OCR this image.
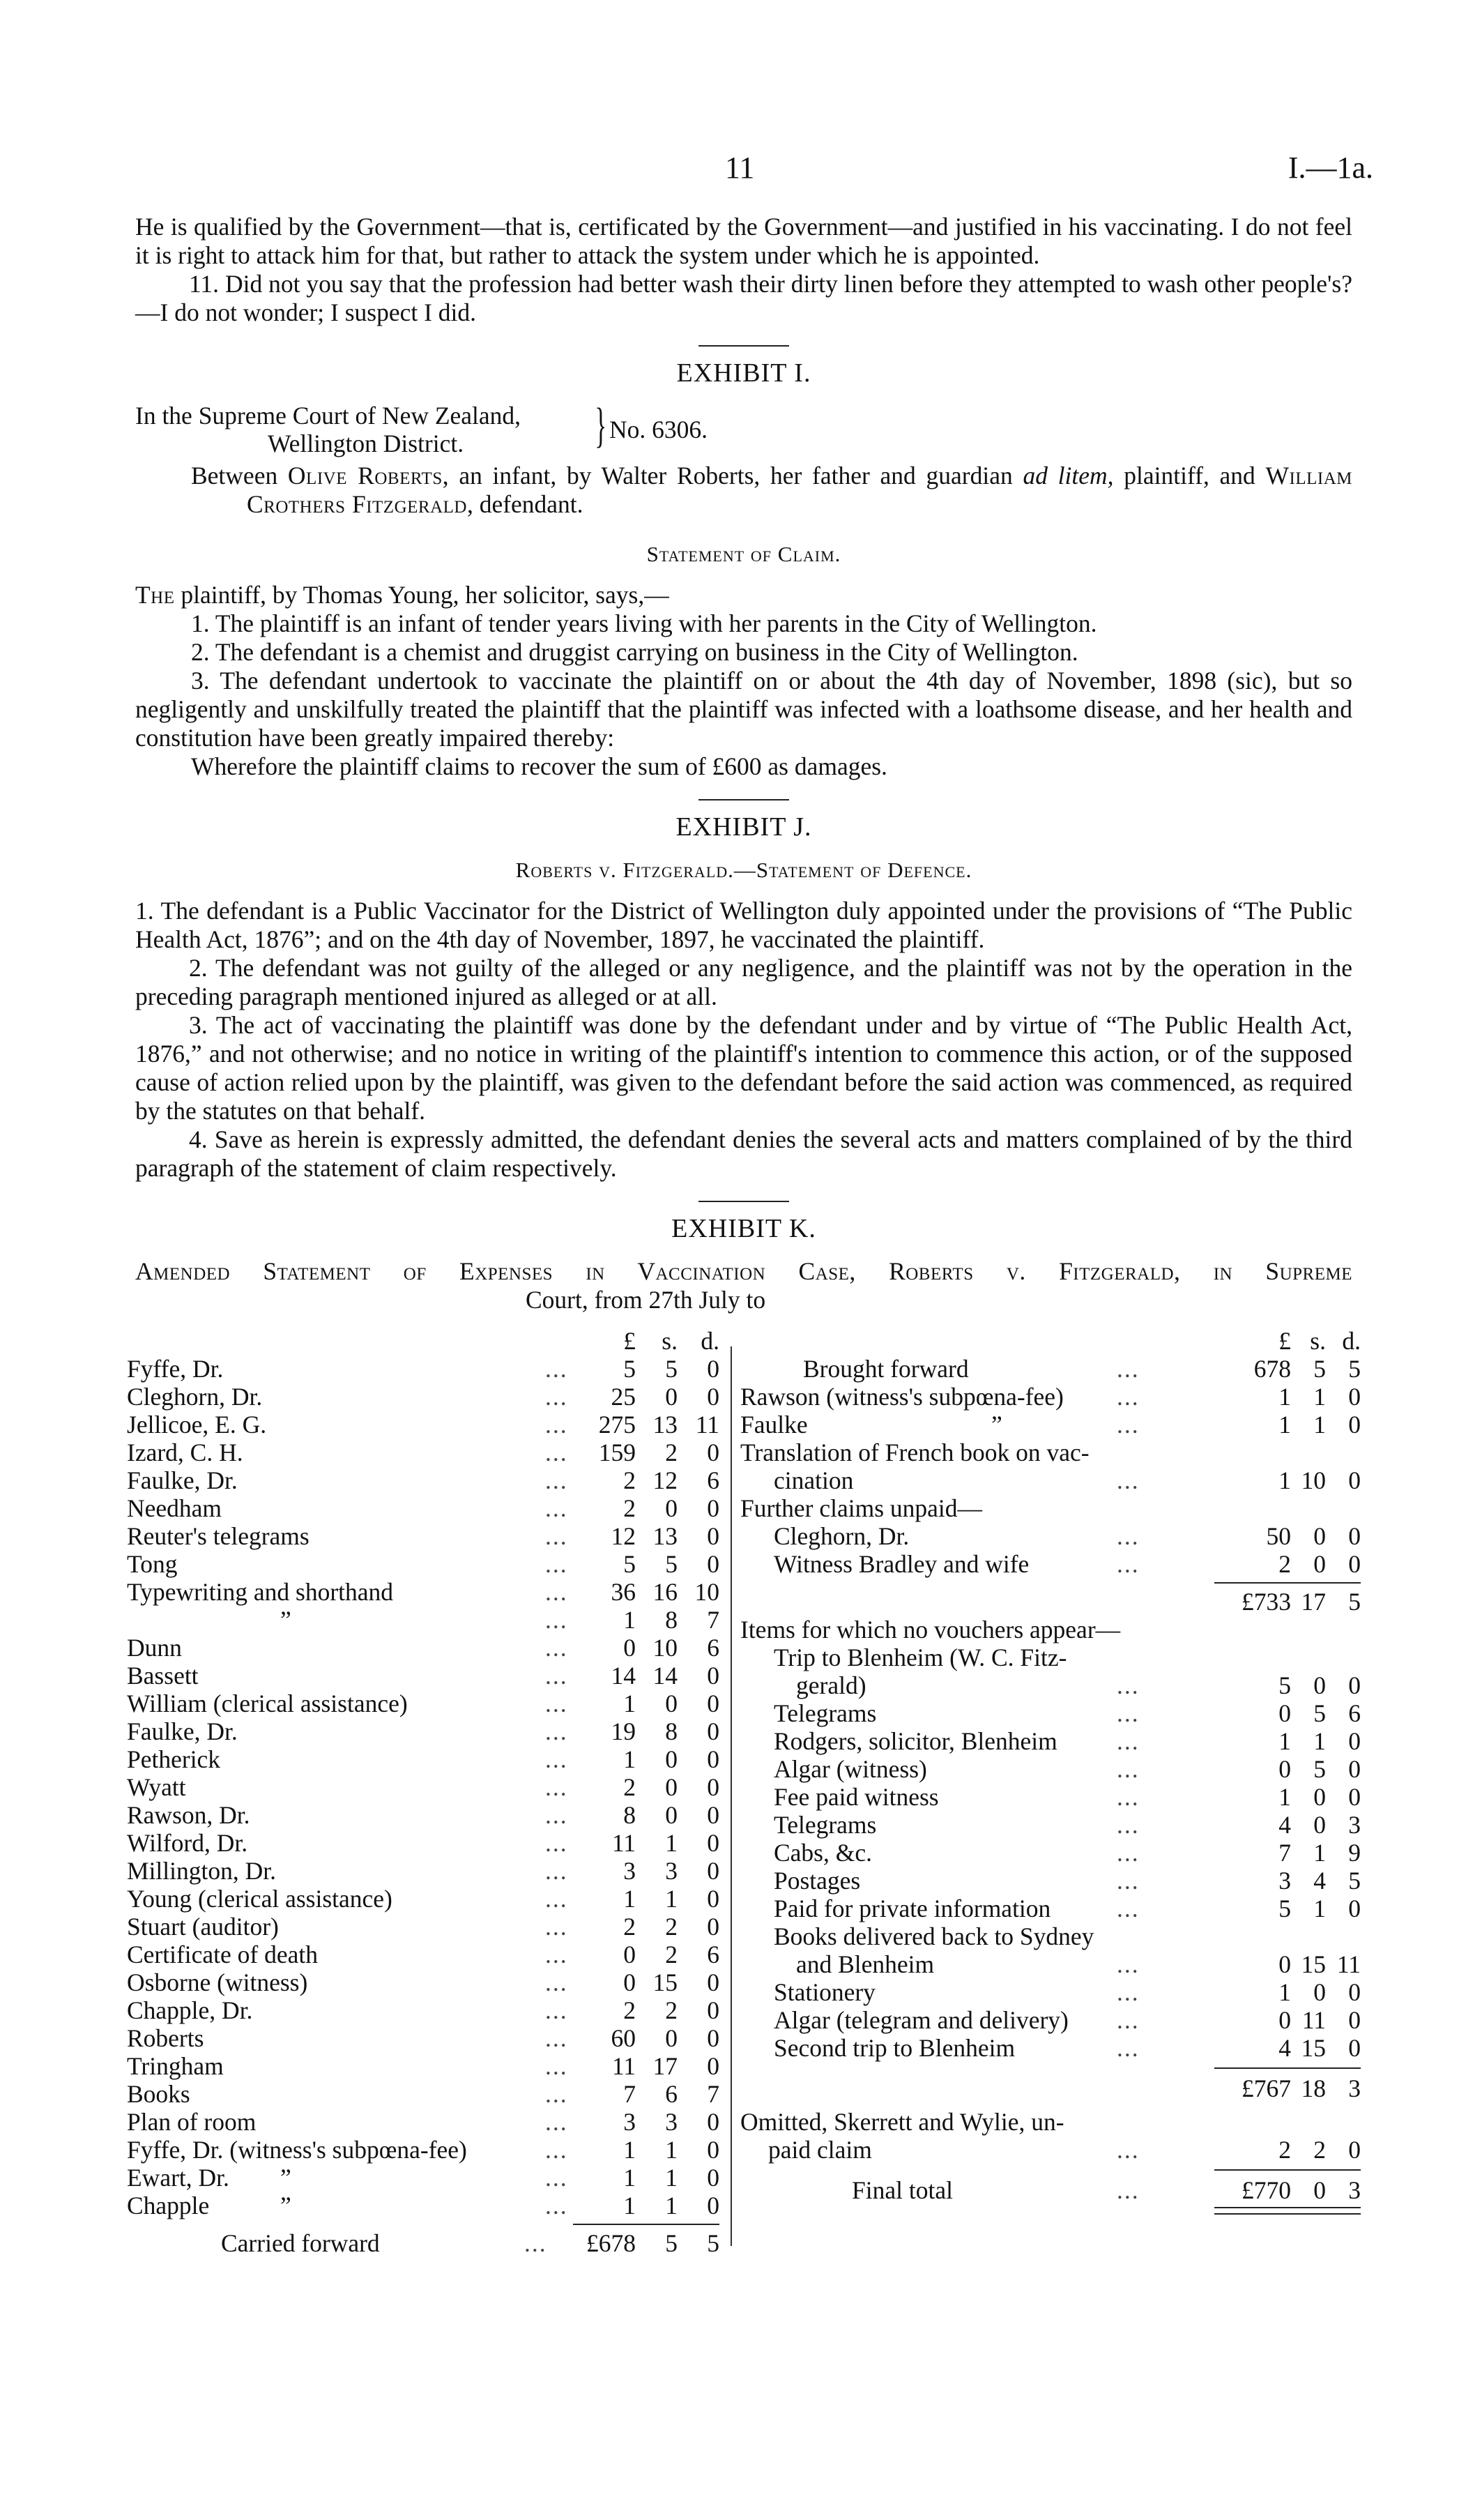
11	I.—1a.

He is qualified by the Government—that is, certificated by the Government—and justified in his vaccinating. I do not feel it is right to attack him for that, but rather to attack the system under which he is appointed.

11. Did not you say that the profession had better wash their dirty linen before they attempted to wash other people's?—I do not wonder; I suspect I did.

EXHIBIT I.
In the Supreme Court of New Zealand,
Wellington District.	} No. 6306.

Between Olive Roberts, an infant, by Walter Roberts, her father and guardian ad litem, plaintiff, and William Crothers Fitzgerald, defendant.

Statement of Claim.

The plaintiff, by Thomas Young, her solicitor, says,—

1. The plaintiff is an infant of tender years living with her parents in the City of Wellington.

2. The defendant is a chemist and druggist carrying on business in the City of Wellington.

3. The defendant undertook to vaccinate the plaintiff on or about the 4th day of November, 1898 (sic), but so negligently and unskilfully treated the plaintiff that the plaintiff was infected with a loathsome disease, and her health and constitution have been greatly impaired thereby:

Wherefore the plaintiff claims to recover the sum of £600 as damages.

EXHIBIT J.
Roberts v. Fitzgerald.—Statement of Defence.

1. The defendant is a Public Vaccinator for the District of Wellington duly appointed under the provisions of “The Public Health Act, 1876”; and on the 4th day of November, 1897, he vaccinated the plaintiff.

2. The defendant was not guilty of the alleged or any negligence, and the plaintiff was not by the operation in the preceding paragraph mentioned injured as alleged or at all.

3. The act of vaccinating the plaintiff was done by the defendant under and by virtue of “The Public Health Act, 1876,” and not otherwise; and no notice in writing of the plaintiff's intention to commence this action, or of the supposed cause of action relied upon by the plaintiff, was given to the defendant before the said action was commenced, as required by the statutes on that behalf.

4. Save as herein is expressly admitted, the defendant denies the several acts and matters complained of by the third paragraph of the statement of claim respectively.

EXHIBIT K.
Amended Statement of Expenses in Vaccination Case, Roberts v. Fitzgerald, in Supreme
Court, from 27th July to
£	s. d.
Fyffe, Dr.	...	5	5	0
Cleghorn, Dr.	...	25	0	0
Jellicoe, E. G.	...	275 13 11
Izard, C. H.	...	159	2	0
Faulke, Dr.	...	2 12	6
Needham	...	2	0	0
Reuter's telegrams	...	12 13	0
Tong	...	5	5	0
Typewriting and shorthand	...	36 16 10
”	...	1	8	7
Dunn	...	0 10	6
Bassett	...	14 14	0
William (clerical assistance)	...	1	0	0
Faulke, Dr.	...	19	8	0
Petherick	...	1	0	0
Wyatt	...	2	0	0
Rawson, Dr.	...	8	0	0
Wilford, Dr.	...	11	1	0
Millington, Dr.	...	3	3	0
Young (clerical assistance)	...	1	1	0
Stuart (auditor)	...	2	2	0
Certificate of death	...	0	2	6
Osborne (witness)	...	0 15	0
Chapple, Dr.	...	2	2	0
Roberts	...	60	0	0
Tringham	...	11 17	0
Books	...	7	6	7
Plan of room	...	3	3	0
Fyffe, Dr. (witness's subpœna-fee)	...	1	1	0
Ewart, Dr. ”	...	1	1	0
Chapple	”	...	1	1	0
Carried forward	...	£678	5	5
£ s. d.
Brought forward	...	678 5 5
Rawson (witness's subpœna-fee) ...	1 1 0
Faulke	”	...	1 1 0
Translation of French book on vac-
cination	...	1 10 0
Further claims unpaid—
Cleghorn, Dr.	...	50 0 0
Witness Bradley and wife	...	2 0 0
£733 17 5
Items for which no vouchers appear—
Trip to Blenheim (W. C. Fitz-
gerald)	...	5 0 0
Telegrams	...	0 5 6
Rodgers, solicitor, Blenheim ...	1 1 0
Algar (witness)	...	0 5 0
Fee paid witness	...	1 0 0
Telegrams	...	4 0 3
Cabs, &c.	...	7 1 9
Postages	...	3 4 5
Paid for private information	...	5 1 0
Books delivered back to Sydney
and Blenheim	...	0 15 11
Stationery	...	1 0 0
Algar (telegram and delivery) ...	0 11 0
Second trip to Blenheim	...	4 15 0
£767 18 3
Omitted, Skerrett and Wylie, un-
paid claim	...	2 2 0
Final total	...	£770 0 3
